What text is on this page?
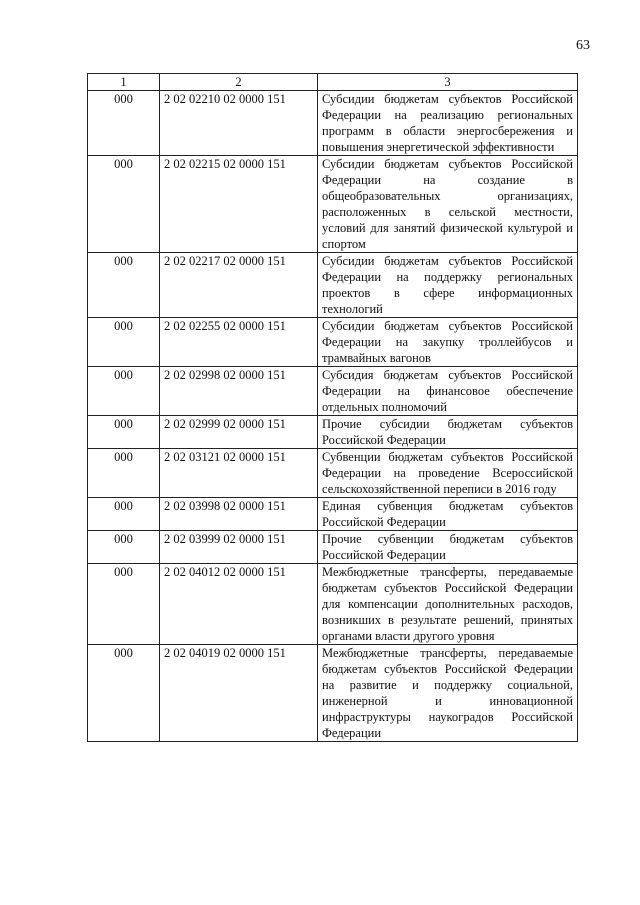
63
1	2	3
000	2 02 02210 02 0000 151	Субсидии бюджетам субъектов Российской Федерации на реализацию региональных программ в области энергосбережения и повышения энергетической эффективности
000	2 02 02215 02 0000 151	Субсидии бюджетам субъектов Российской Федерации на создание в общеобразовательных организациях, расположенных в сельской местности, условий для занятий физической культурой и спортом
000	2 02 02217 02 0000 151	Субсидии бюджетам субъектов Российской Федерации на поддержку региональных проектов в сфере информационных технологий
000	2 02 02255 02 0000 151	Субсидии бюджетам субъектов Российской Федерации на закупку троллейбусов и трамвайных вагонов
000	2 02 02998 02 0000 151	Субсидия бюджетам субъектов Российской Федерации на финансовое обеспечение отдельных полномочий
000	2 02 02999 02 0000 151	Прочие субсидии бюджетам субъектов Российской Федерации
000	2 02 03121 02 0000 151	Субвенции бюджетам субъектов Российской Федерации на проведение Всероссийской сельскохозяйственной переписи в 2016 году
000	2 02 03998 02 0000 151	Единая субвенция бюджетам субъектов Российской Федерации
000	2 02 03999 02 0000 151	Прочие субвенции бюджетам субъектов Российской Федерации
000	2 02 04012 02 0000 151	Межбюджетные трансферты, передаваемые бюджетам субъектов Российской Федерации для компенсации дополнительных расходов, возникших в результате решений, принятых органами власти другого уровня
000	2 02 04019 02 0000 151	Межбюджетные трансферты, передаваемые бюджетам субъектов Российской Федерации на развитие и поддержку социальной, инженерной и инновационной инфраструктуры наукоградов Российской Федерации
